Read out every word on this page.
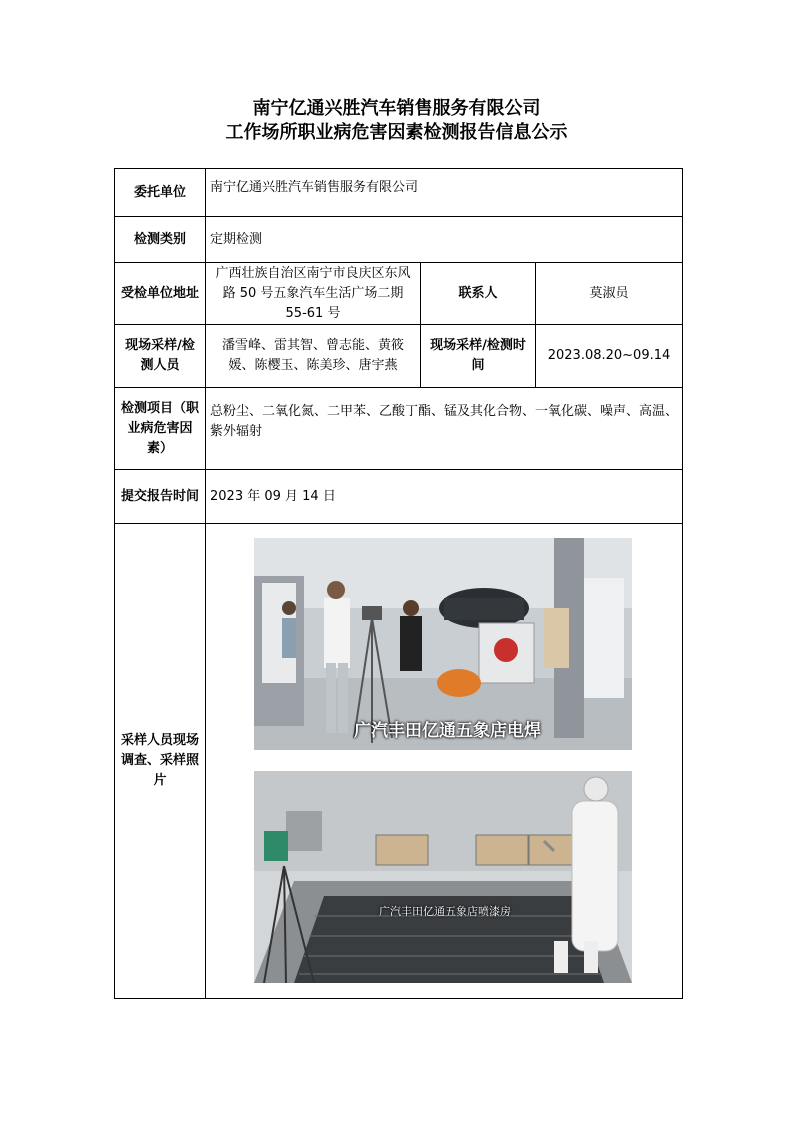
南宁亿通兴胜汽车销售服务有限公司
工作场所职业病危害因素检测报告信息公示
委托单位	南宁亿通兴胜汽车销售服务有限公司		
检测类别	定期检测		
受检单位地址	广西壮族自治区南宁市良庆区东风路 50 号五象汽车生活广场二期 55-61 号	联系人	莫淑员
现场采样/检测人员	潘雪峰、雷其智、曾志能、黄筱媛、陈樱玉、陈美珍、唐宇燕	现场采样/检测时间	2023.08.20~09.14
检测项目（职业病危害因素）	总粉尘、二氧化氮、二甲苯、乙酸丁酯、锰及其化合物、一氧化碳、噪声、高温、紫外辐射		
提交报告时间	2023 年 09 月 14 日		
采样人员现场调查、采样照片			
广汽丰田亿通五象店电焊
广汽丰田亿通五象店喷漆房
